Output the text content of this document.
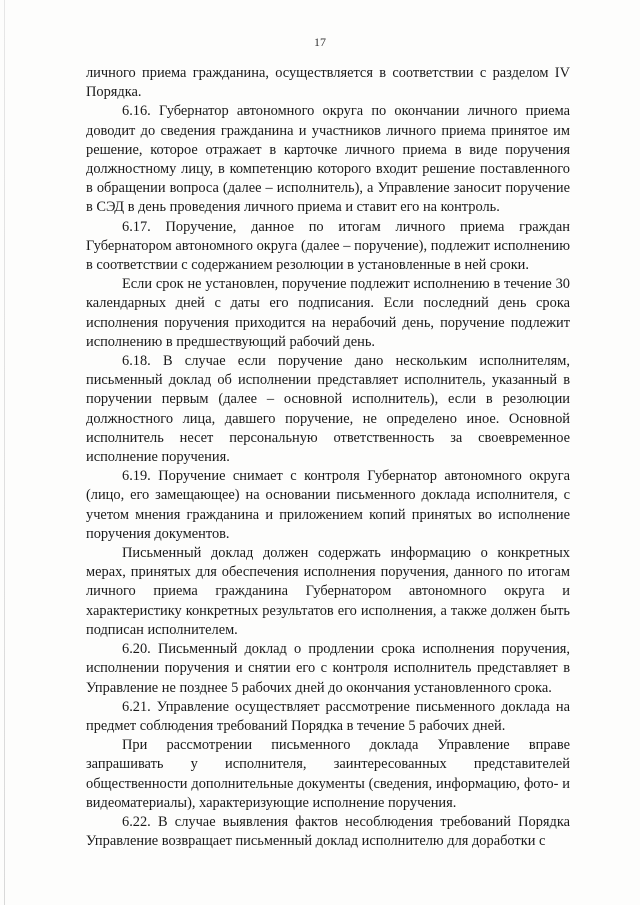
17

личного приема гражданина, осуществляется в соответствии с разделом IV Порядка.

6.16. Губернатор автономного округа по окончании личного приема доводит до сведения гражданина и участников личного приема принятое им решение, которое отражает в карточке личного приема в виде поручения должностному лицу, в компетенцию которого входит решение поставленного в обращении вопроса (далее – исполнитель), а Управление заносит поручение в СЭД в день проведения личного приема и ставит его на контроль.

6.17. Поручение, данное по итогам личного приема граждан Губернатором автономного округа (далее – поручение), подлежит исполнению в соответствии с содержанием резолюции в установленные в ней сроки.

Если срок не установлен, поручение подлежит исполнению в течение 30 календарных дней с даты его подписания. Если последний день срока исполнения поручения приходится на нерабочий день, поручение подлежит исполнению в предшествующий рабочий день.

6.18. В случае если поручение дано нескольким исполнителям, письменный доклад об исполнении представляет исполнитель, указанный в поручении первым (далее – основной исполнитель), если в резолюции должностного лица, давшего поручение, не определено иное. Основной исполнитель несет персональную ответственность за своевременное исполнение поручения.

6.19. Поручение снимает с контроля Губернатор автономного округа (лицо, его замещающее) на основании письменного доклада исполнителя, с учетом мнения гражданина и приложением копий принятых во исполнение поручения документов.

Письменный доклад должен содержать информацию о конкретных мерах, принятых для обеспечения исполнения поручения, данного по итогам личного приема гражданина Губернатором автономного округа и характеристику конкретных результатов его исполнения, а также должен быть подписан исполнителем.

6.20. Письменный доклад о продлении срока исполнения поручения, исполнении поручения и снятии его с контроля исполнитель представляет в Управление не позднее 5 рабочих дней до окончания установленного срока.

6.21. Управление осуществляет рассмотрение письменного доклада на предмет соблюдения требований Порядка в течение 5 рабочих дней.

При рассмотрении письменного доклада Управление вправе запрашивать у исполнителя, заинтересованных представителей общественности дополнительные документы (сведения, информацию, фото- и видеоматериалы), характеризующие исполнение поручения.

6.22. В случае выявления фактов несоблюдения требований Порядка Управление возвращает письменный доклад исполнителю для доработки с
